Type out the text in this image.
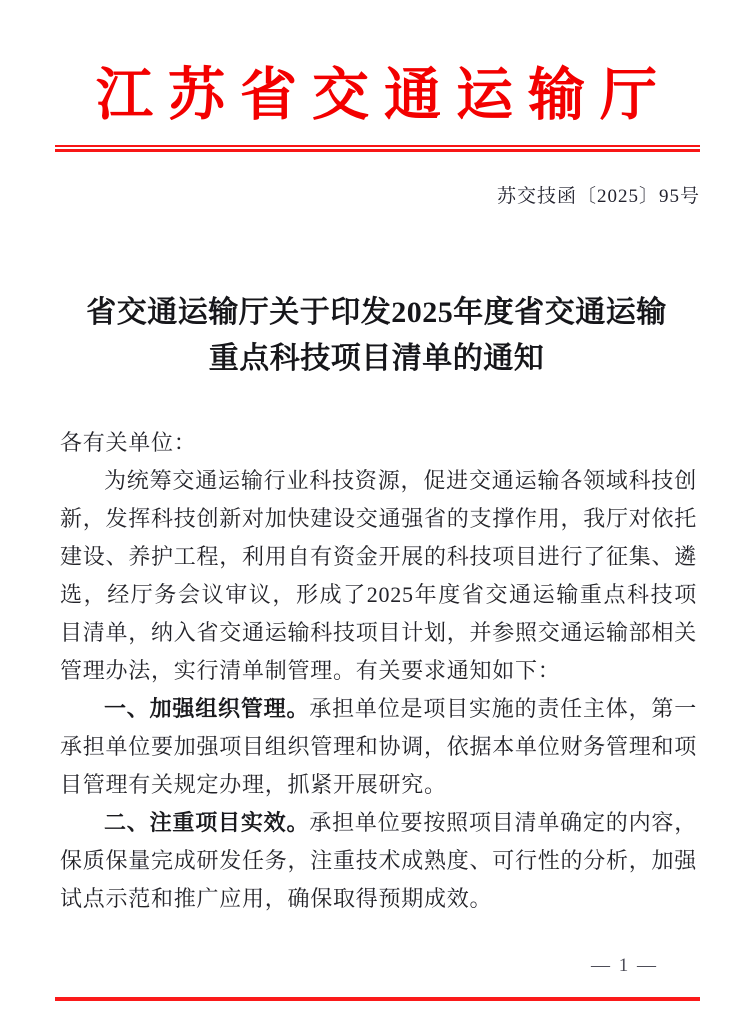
江苏省交通运输厅
苏交技函〔2025〕95号
省交通运输厅关于印发2025年度省交通运输
重点科技项目清单的通知

各有关单位：

为统筹交通运输行业科技资源，促进交通运输各领域科技创新，发挥科技创新对加快建设交通强省的支撑作用，我厅对依托建设、养护工程，利用自有资金开展的科技项目进行了征集、遴选，经厅务会议审议，形成了2025年度省交通运输重点科技项目清单，纳入省交通运输科技项目计划，并参照交通运输部相关管理办法，实行清单制管理。有关要求通知如下：

一、加强组织管理。承担单位是项目实施的责任主体，第一承担单位要加强项目组织管理和协调，依据本单位财务管理和项目管理有关规定办理，抓紧开展研究。

二、注重项目实效。承担单位要按照项目清单确定的内容，保质保量完成研发任务，注重技术成熟度、可行性的分析，加强试点示范和推广应用，确保取得预期成效。

— 1 —
